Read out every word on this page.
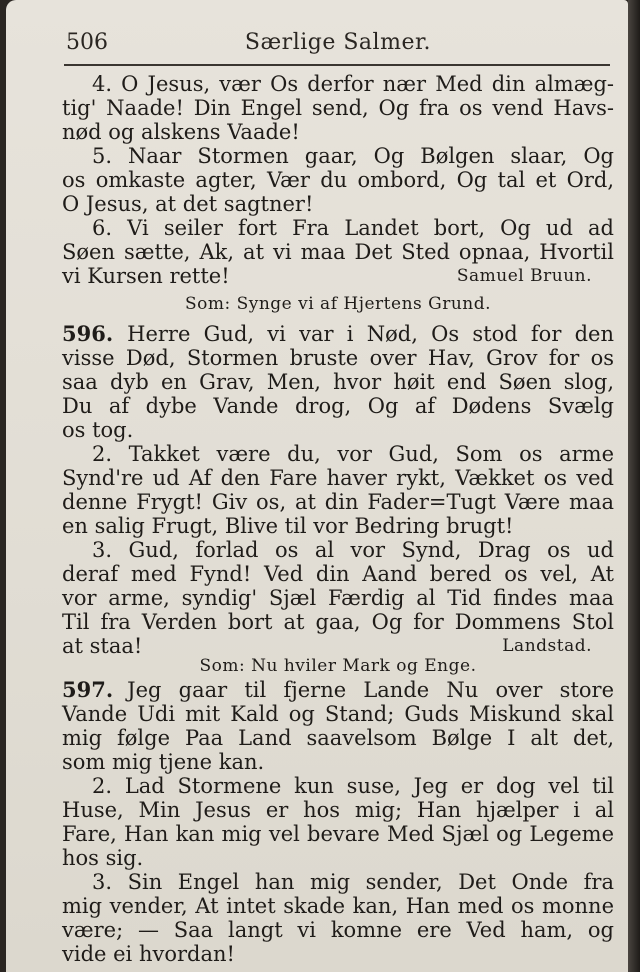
506	Særlige Salmer.
4. O Jesus, vær Os derfor nær Med din almæg-
tig' Naade! Din Engel send, Og fra os vend Havs-
nød og alskens Vaade!
5. Naar Stormen gaar, Og Bølgen slaar, Og
os omkaste agter, Vær du ombord, Og tal et Ord,
O Jesus, at det sagtner!
6. Vi seiler fort Fra Landet bort, Og ud ad
Søen sætte, Ak, at vi maa Det Sted opnaa, Hvortil
vi Kursen rette!	Samuel Bruun.
Som: Synge vi af Hjertens Grund.
596. Herre Gud, vi var i Nød, Os stod for den
visse Død, Stormen bruste over Hav, Grov for os
saa dyb en Grav, Men, hvor høit end Søen slog,
Du af dybe Vande drog, Og af Dødens Svælg
os tog.
2. Takket være du, vor Gud, Som os arme
Synd're ud Af den Fare haver rykt, Vækket os ved
denne Frygt! Giv os, at din Fader=Tugt Være maa
en salig Frugt, Blive til vor Bedring brugt!
3. Gud, forlad os al vor Synd, Drag os ud
deraf med Fynd! Ved din Aand bered os vel, At
vor arme, syndig' Sjæl Færdig al Tid findes maa
Til fra Verden bort at gaa, Og for Dommens Stol
at staa!	Landstad.
Som: Nu hviler Mark og Enge.
597. Jeg gaar til fjerne Lande Nu over store
Vande Udi mit Kald og Stand; Guds Miskund skal
mig følge Paa Land saavelsom Bølge I alt det,
som mig tjene kan.
2. Lad Stormene kun suse, Jeg er dog vel til
Huse, Min Jesus er hos mig; Han hjælper i al
Fare, Han kan mig vel bevare Med Sjæl og Legeme
hos sig.
3. Sin Engel han mig sender, Det Onde fra
mig vender, At intet skade kan, Han med os monne
være; — Saa langt vi komne ere Ved ham, og
vide ei hvordan!
